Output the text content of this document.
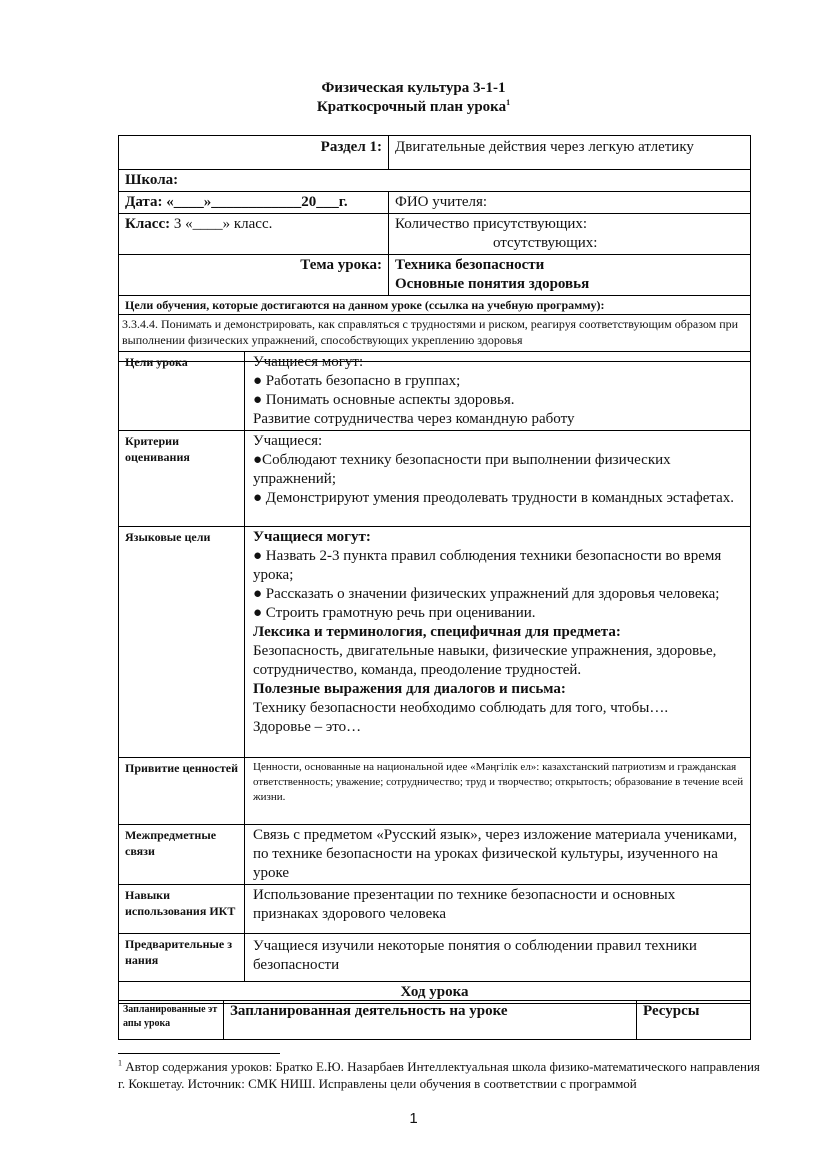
Физическая культура 3-1-1
Краткосрочный план урока$^1$
Раздел 1:	Двигательные действия через легкую атлетику
Школа:	
Дата: «____»____________20___г.	ФИО учителя:
Класс: 3 «____» класс.	Количество присутствующих:
отсутствующих:

Тема урока:	Техника безопасности
Основные понятия здоровья

Цели обучения, которые достигаются на данном уроке (ссылка на учебную программу):	
3.3.4.4. Понимать и демонстрировать, как справляться с трудностями и риском, реагируя соответствующим образом при выполнении физических упражнений, способствующих укреплению здоровья	
Цели урока	Учащиеся могут:
● Работать безопасно в группах;
● Понимать основные аспекты здоровья.
Развитие сотрудничества через командную работу

Критерии оценивания	Учащиеся:
●Соблюдают технику безопасности при выполнении физических упражнений;
● Демонстрируют умения преодолевать трудности в командных эстафетах.

Языковые цели	Учащиеся могут:
● Назвать 2-3 пункта правил соблюдения техники безопасности во время урока;
● Рассказать о значении физических упражнений для здоровья человека;
● Строить грамотную речь при оценивании.
Лексика и терминология, специфичная для предмета:
Безопасность, двигательные навыки, физические упражнения, здоровье, сотрудничество, команда, преодоление трудностей.
Полезные выражения для диалогов и письма:
Технику безопасности необходимо соблюдать для того, чтобы….
Здоровье – это…

Привитие ценностей	Ценности, основанные на национальной идее «Мәңгілік ел»: казахстанский патриотизм и гражданская ответственность; уважение; сотрудничество; труд и творчество; открытость; образование в течение всей жизни.
Межпредметные связи	Связь с предметом «Русский язык», через изложение материала учениками, по технике безопасности на уроках физической культуры, изученного на уроке
Навыки использования ИКТ	Использование презентации по технике безопасности и основных признаках здорового человека
Предварительные знания	Учащиеся изучили некоторые понятия о соблюдении правил техники безопасности
Ход урока	
Запланированные этапы урока	Запланированная деятельность на уроке	Ресурсы
$^1$ Автор содержания уроков: Братко Е.Ю. Назарбаев Интеллектуальная школа физико-математического направления г. Кокшетау. Источник: СМК НИШ. Исправлены цели обучения в соответствии с программой
1
